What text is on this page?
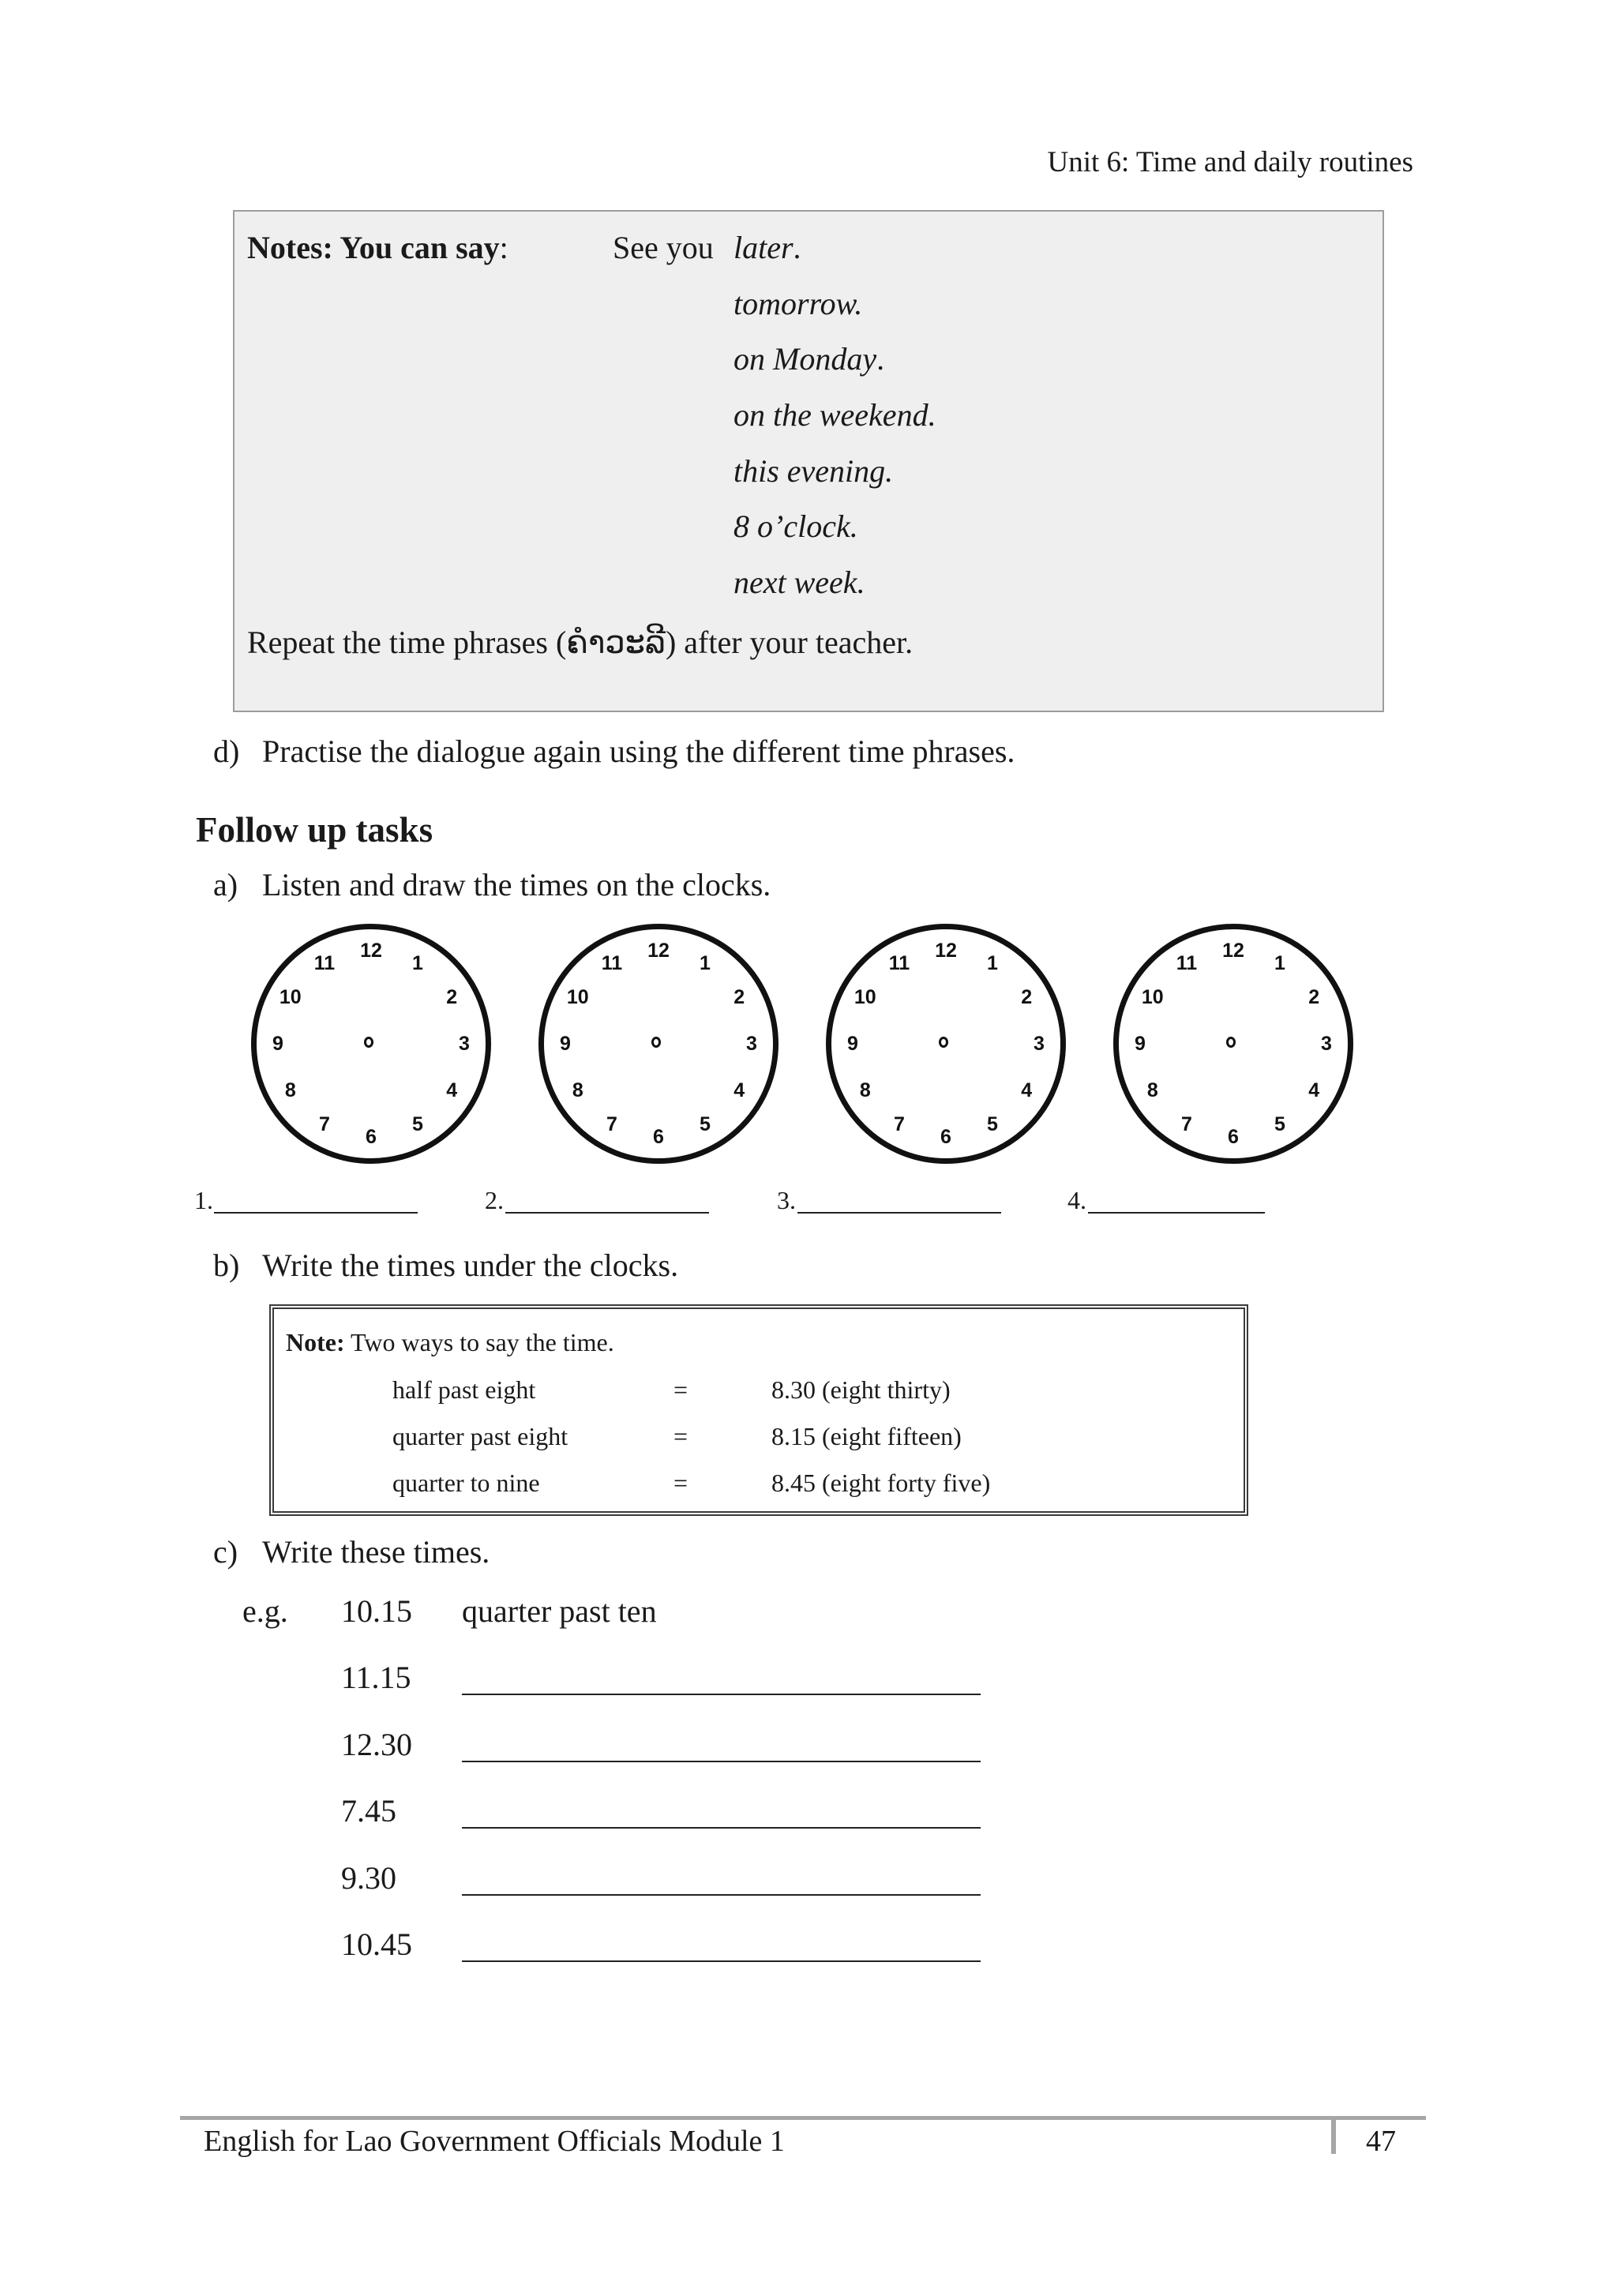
Unit 6: Time and daily routines
Notes: You can say:	See you later.
tomorrow.
on Monday.
on the weekend.
this evening.
8 o’clock.
next week.
Repeat the time phrases (ຄຳວະລີ) after your teacher.
d) Practise the dialogue again using the different time phrases.
Follow up tasks
a) Listen and draw the times on the clocks.
12
1
2
3
4
5
6
7
8
9
10
11
12
1
2
3
4
5
6
7
8
9
10
11
12
1
2
3
4
5
6
7
8
9
10
11
12
1
2
3
4
5
6
7
8
9
10
11
1.	2.	3.	4.
b) Write the times under the clocks.
Note: Two ways to say the time.
half past eight	=	8.30 (eight thirty)
quarter past eight	=	8.15 (eight fifteen)
quarter to nine	=	8.45 (eight forty five)
c) Write these times.
e.g. 10.15 quarter past ten
11.15
12.30
7.45
9.30
10.45
English for Lao Government Officials Module 1	47
